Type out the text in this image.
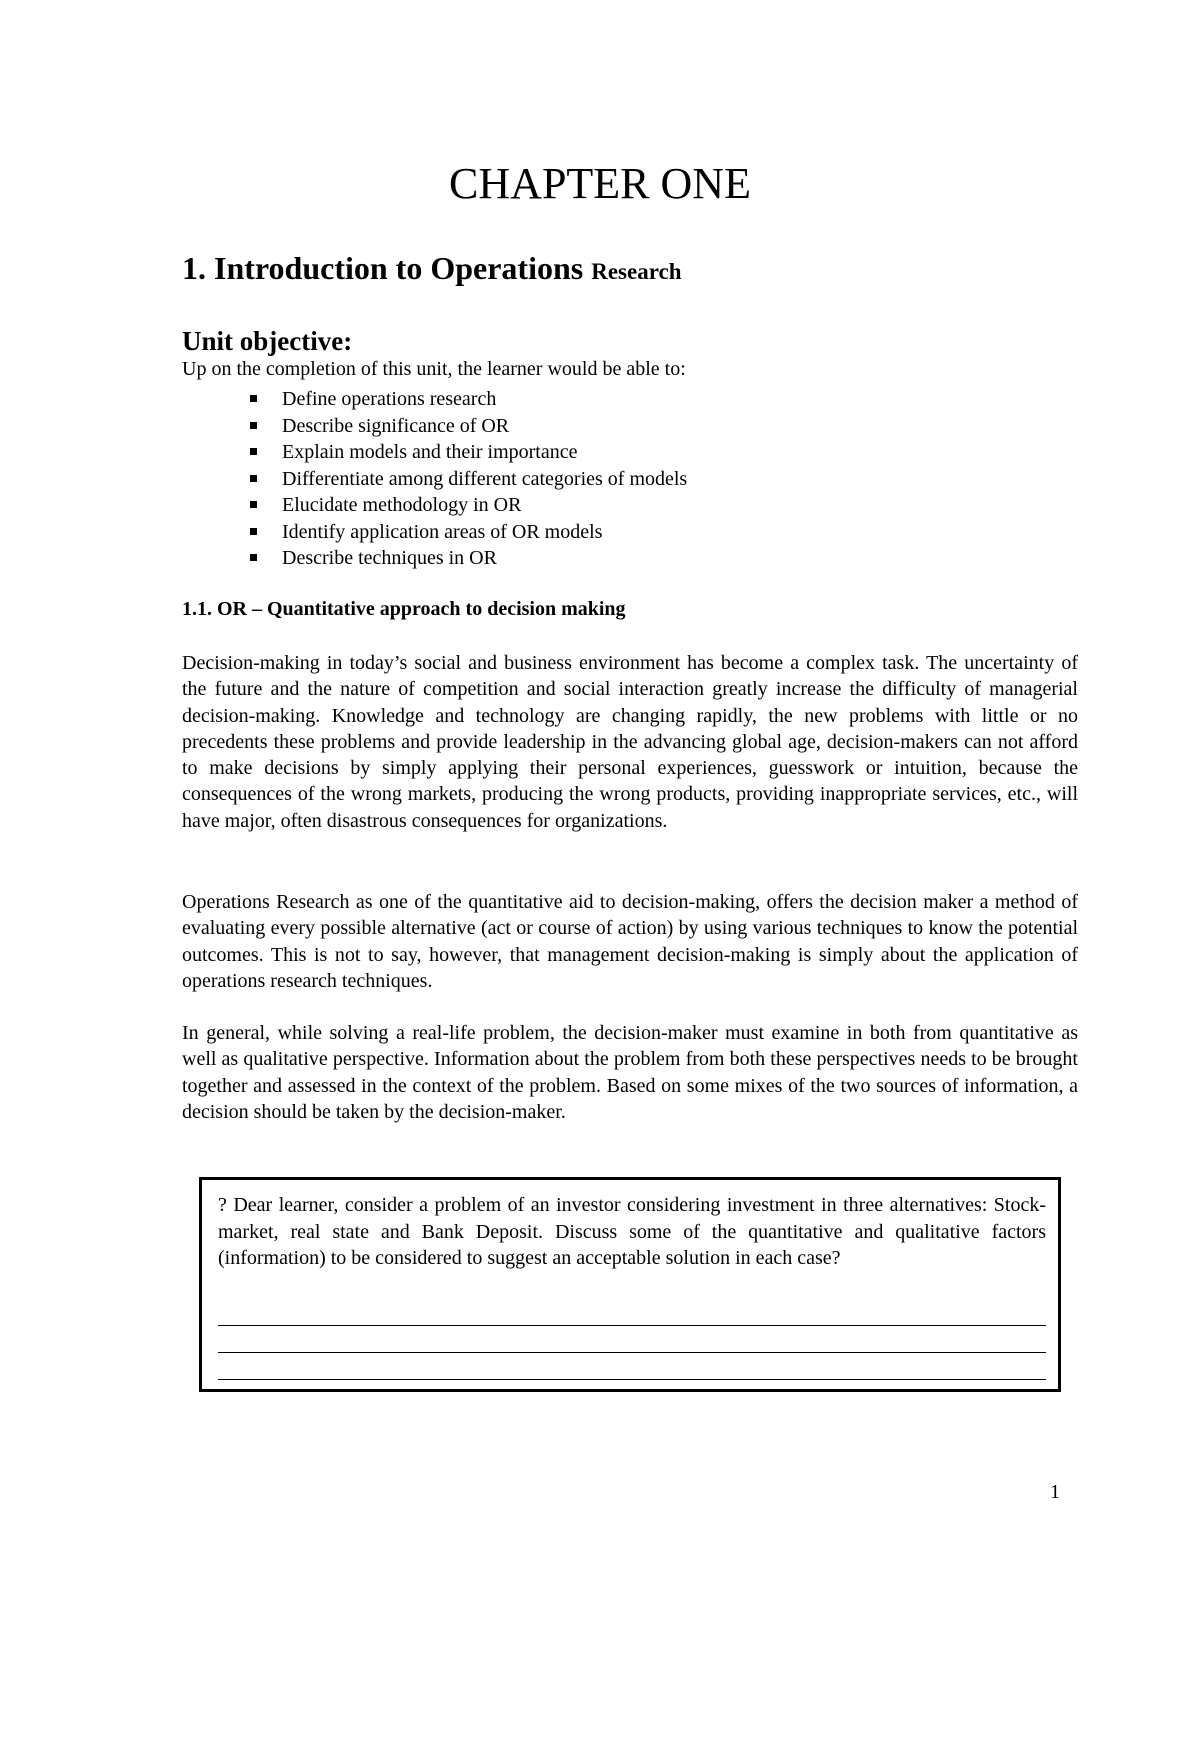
CHAPTER ONE
1. Introduction to Operations Research
Unit objective:

Up on the completion of this unit, the learner would be able to:

Define operations research
Describe significance of OR
Explain models and their importance
Differentiate among different categories of models
Elucidate methodology in OR
Identify application areas of OR models
Describe techniques in OR
1.1. OR – Quantitative approach to decision making

Decision-making in today’s social and business environment has become a complex task. The uncertainty of the future and the nature of competition and social interaction greatly increase the difficulty of managerial decision-making. Knowledge and technology are changing rapidly, the new problems with little or no precedents these problems and provide leadership in the advancing global age, decision-makers can not afford to make decisions by simply applying their personal experiences, guesswork or intuition, because the consequences of the wrong markets, producing the wrong products, providing inappropriate services, etc., will have major, often disastrous consequences for organizations.

Operations Research as one of the quantitative aid to decision-making, offers the decision maker a method of evaluating every possible alternative (act or course of action) by using various techniques to know the potential outcomes. This is not to say, however, that management decision-making is simply about the application of operations research techniques.

In general, while solving a real-life problem, the decision-maker must examine in both from quantitative as well as qualitative perspective. Information about the problem from both these perspectives needs to be brought together and assessed in the context of the problem. Based on some mixes of the two sources of information, a decision should be taken by the decision-maker.

? Dear learner, consider a problem of an investor considering investment in three alternatives: Stock-market, real state and Bank Deposit. Discuss some of the quantitative and qualitative factors (information) to be considered to suggest an acceptable solution in each case?

1
